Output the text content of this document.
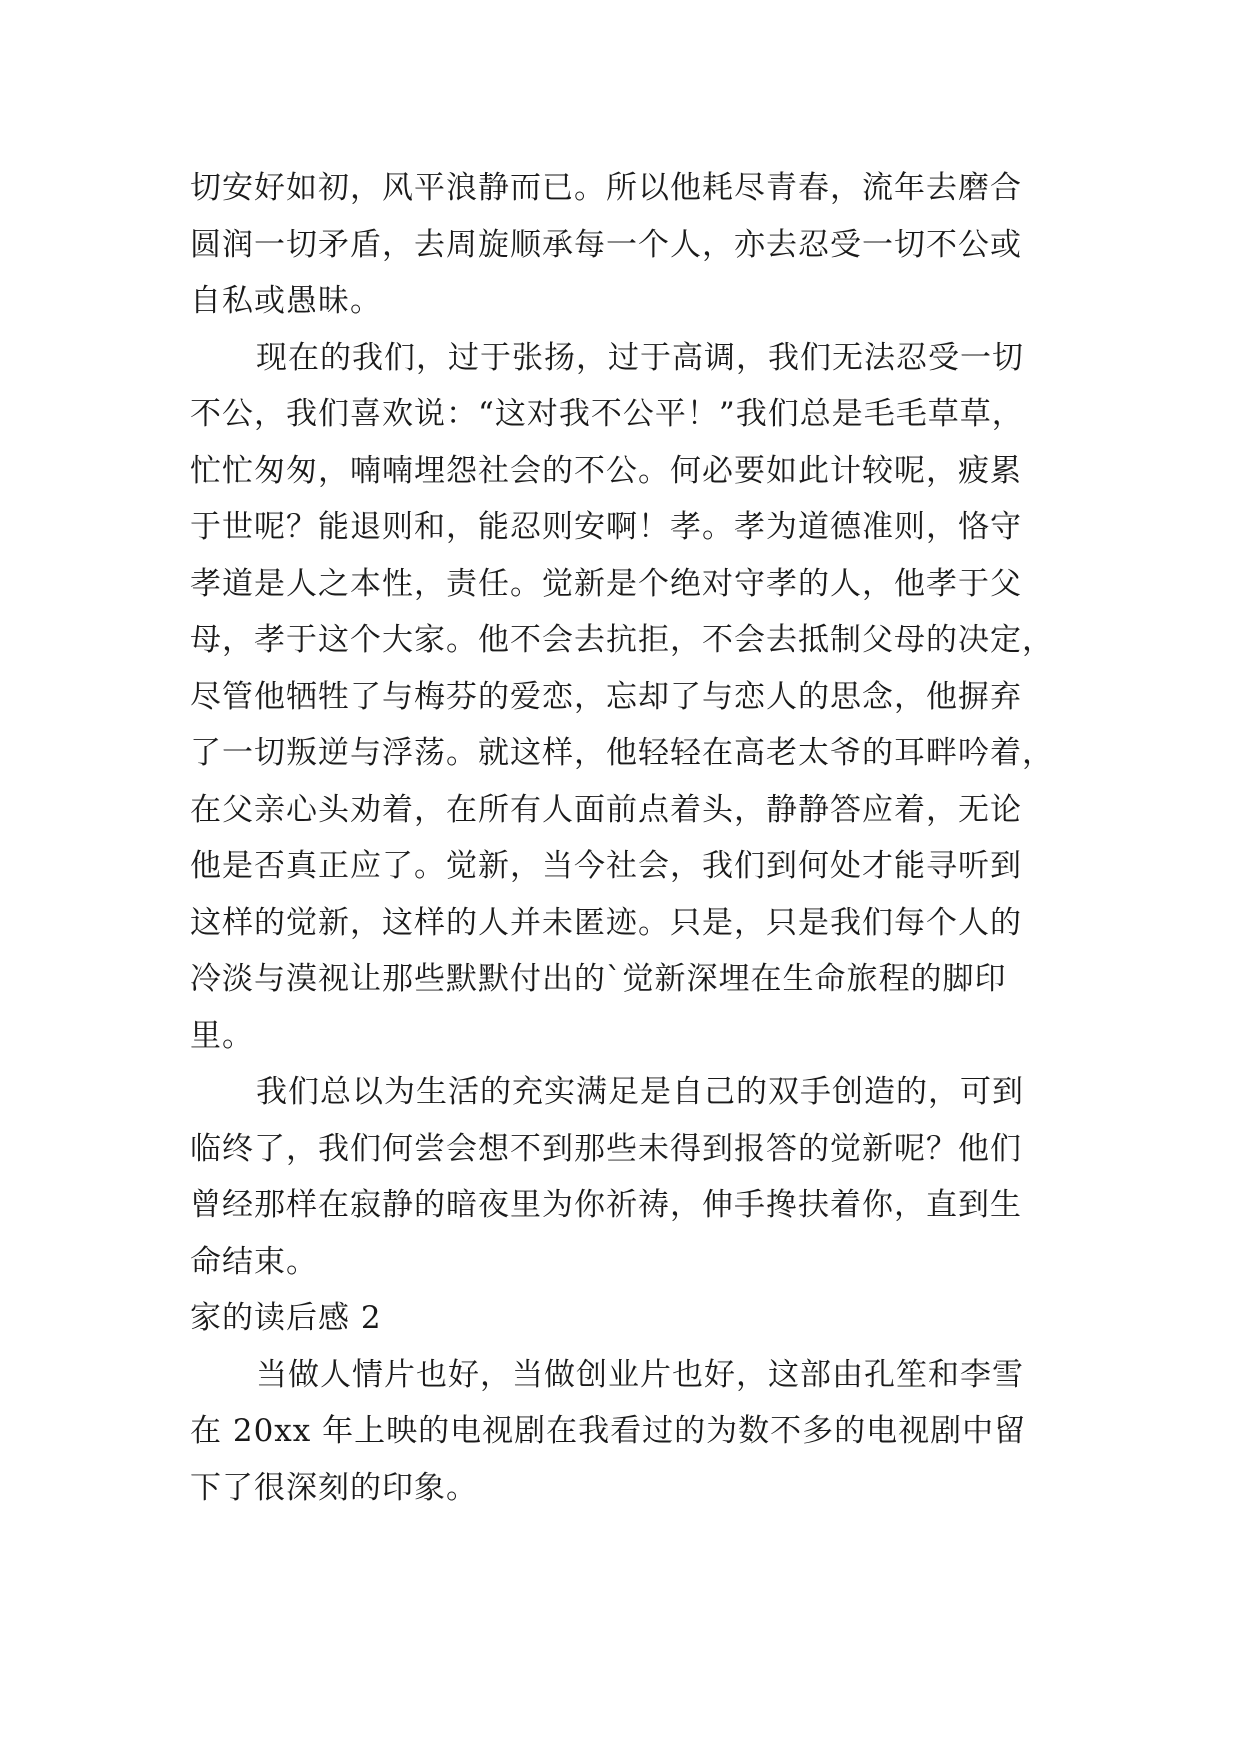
切安好如初，风平浪静而已。所以他耗尽青春，流年去磨合
圆润一切矛盾，去周旋顺承每一个人，亦去忍受一切不公或
自私或愚昧。
现在的我们，过于张扬，过于高调，我们无法忍受一切
不公，我们喜欢说：“这对我不公平！”我们总是毛毛草草，
忙忙匆匆，喃喃埋怨社会的不公。何必要如此计较呢，疲累
于世呢？能退则和，能忍则安啊！孝。孝为道德准则，恪守
孝道是人之本性，责任。觉新是个绝对守孝的人，他孝于父
母，孝于这个大家。他不会去抗拒，不会去抵制父母的决定，
尽管他牺牲了与梅芬的爱恋，忘却了与恋人的思念，他摒弃
了一切叛逆与浮荡。就这样，他轻轻在高老太爷的耳畔吟着，
在父亲心头劝着，在所有人面前点着头，静静答应着，无论
他是否真正应了。觉新，当今社会，我们到何处才能寻听到
这样的觉新，这样的人并未匿迹。只是，只是我们每个人的
冷淡与漠视让那些默默付出的`觉新深埋在生命旅程的脚印
里。
我们总以为生活的充实满足是自己的双手创造的，可到
临终了，我们何尝会想不到那些未得到报答的觉新呢？他们
曾经那样在寂静的暗夜里为你祈祷，伸手搀扶着你，直到生
命结束。
家的读后感 2
当做人情片也好，当做创业片也好，这部由孔笙和李雪
在 20xx 年上映的电视剧在我看过的为数不多的电视剧中留
下了很深刻的印象。
